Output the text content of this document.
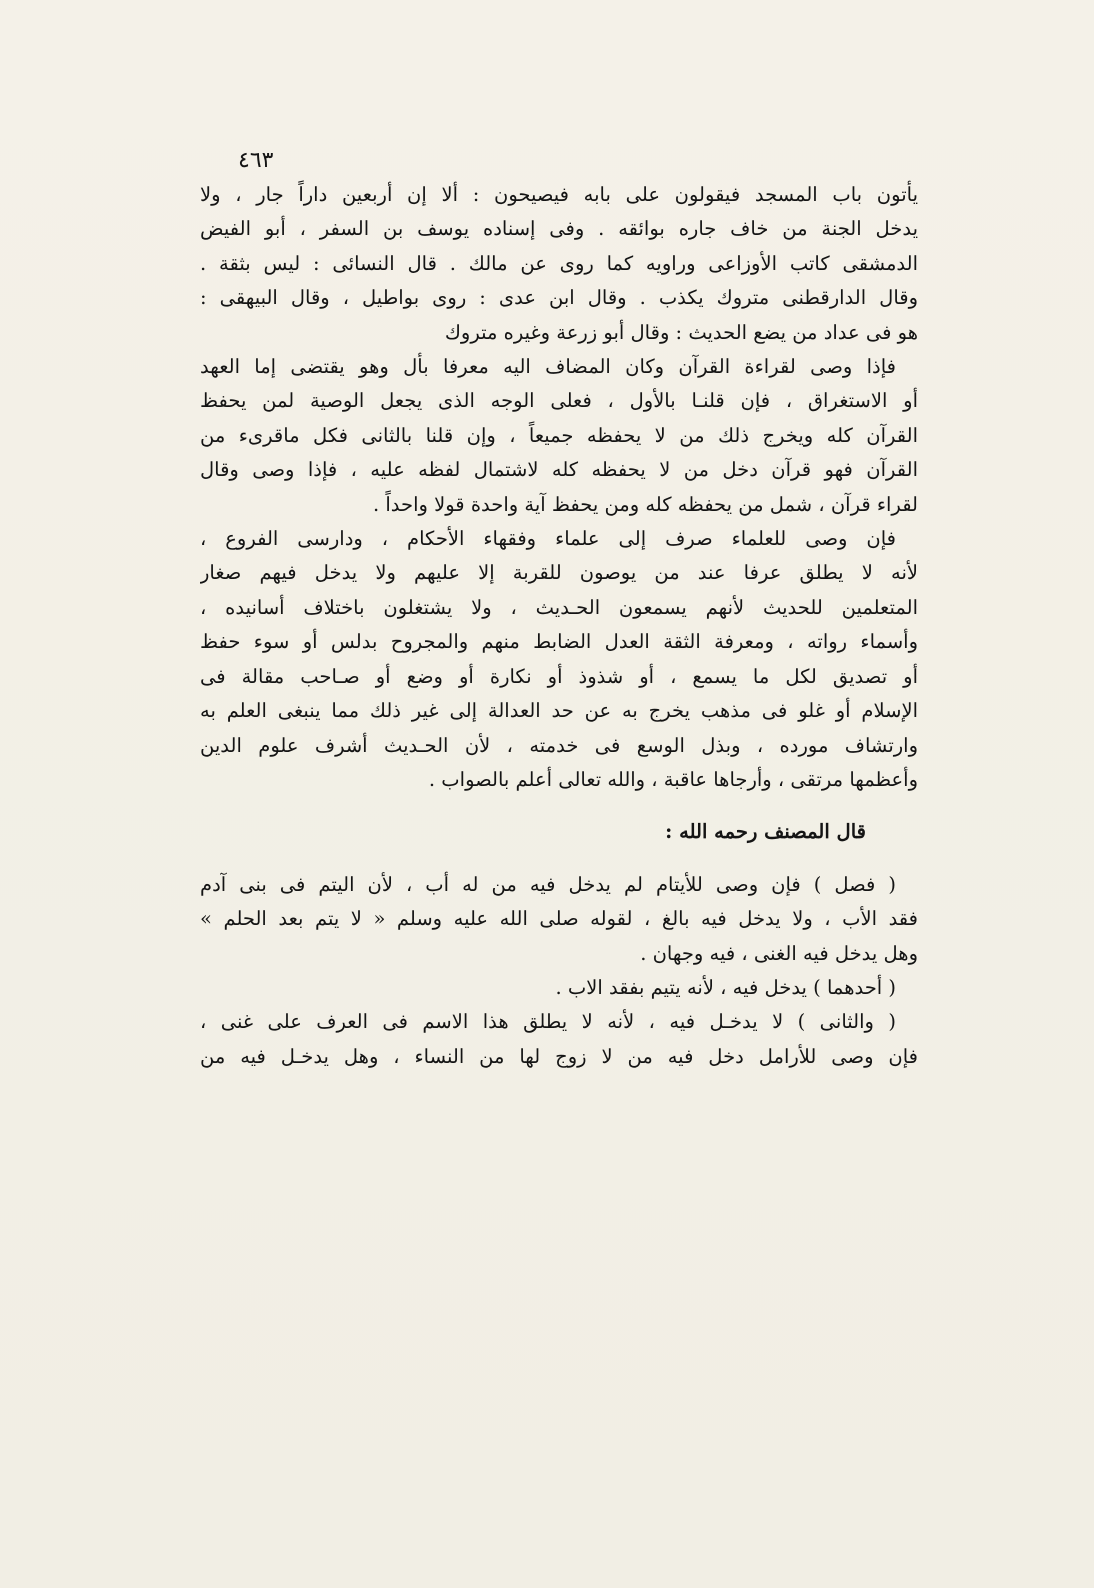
٤٦٣
يأتون باب المسجد فيقولون على بابه فيصيحون : ألا إن أربعين داراً جار ، ولا
يدخل الجنة من خاف جاره بوائقه . وفى إسناده يوسف بن السفر ، أبو الفيض
الدمشقى كاتب الأوزاعى وراويه كما روى عن مالك . قال النسائى : ليس بثقة .
وقال الدارقطنى متروك يكذب . وقال ابن عدى : روى بواطيل ، وقال البيهقى :
هو فى عداد من يضع الحديث : وقال أبو زرعة وغيره متروك
فإذا وصى لقراءة القرآن وكان المضاف اليه معرفا بأل وهو يقتضى إما العهد
أو الاستغراق ، فإن قلنـا بالأول ، فعلى الوجه الذى يجعل الوصية لمن يحفظ
القرآن كله ويخرج ذلك من لا يحفظه جميعاً ، وإن قلنا بالثانى فكل ماقرىء من
القرآن فهو قرآن دخل من لا يحفظه كله لاشتمال لفظه عليه ، فإذا وصى وقال
لقراء قرآن ، شمل من يحفظه كله ومن يحفظ آية واحدة قولا واحداً .
فإن وصى للعلماء صرف إلى علماء وفقهاء الأحكام ، ودارسى الفروع ،
لأنه لا يطلق عرفا عند من يوصون للقربة إلا عليهم ولا يدخل فيهم صغار
المتعلمين للحديث لأنهم يسمعون الحـديث ، ولا يشتغلون باختلاف أسانيده ،
وأسماء رواته ، ومعرفة الثقة العدل الضابط منهم والمجروح بدلس أو سوء حفظ
أو تصديق لكل ما يسمع ، أو شذوذ أو نكارة أو وضع أو صـاحب مقالة فى
الإسلام أو غلو فى مذهب يخرج به عن حد العدالة إلى غير ذلك مما ينبغى العلم به
وارتشاف مورده ، وبذل الوسع فى خدمته ، لأن الحـديث أشرف علوم الدين
وأعظمها مرتقى ، وأرجاها عاقبة ، والله تعالى أعلم بالصواب .
قال المصنف رحمه الله :
( فصل ) فإن وصى للأيتام لم يدخل فيه من له أب ، لأن اليتم فى بنى آدم
فقد الأب ، ولا يدخل فيه بالغ ، لقوله صلى الله عليه وسلم « لا يتم بعد الحلم »
وهل يدخل فيه الغنى ، فيه وجهان .
( أحدهما ) يدخل فيه ، لأنه يتيم بفقد الاب .
( والثانى ) لا يدخـل فيه ، لأنه لا يطلق هذا الاسم فى العرف على غنى ،
فإن وصى للأرامل دخل فيه من لا زوج لها من النساء ، وهل يدخـل فيه من
